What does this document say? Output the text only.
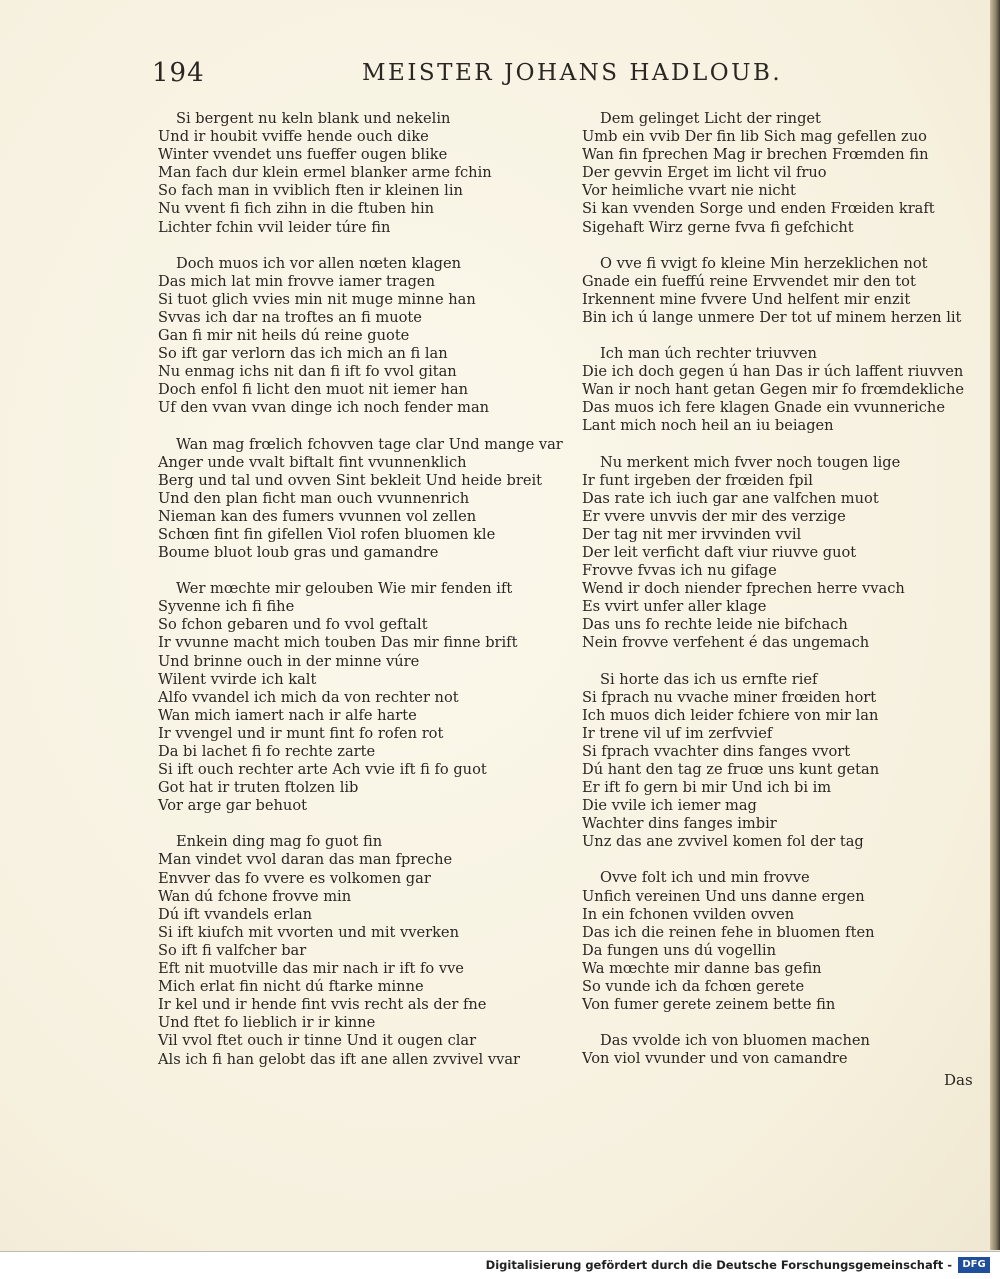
194	MEISTER JOHANS HADLOUB.
Si bergent nu keln blank und nekelin
Und ir houbit vviffe hende ouch dike
Winter vvendet uns fueffer ougen blike
Man fach dur klein ermel blanker arme fchin
So fach man in vviblich ften ir kleinen lin
Nu vvent fi fich zihn in die ftuben hin
Lichter fchin vvil leider túre fin
Doch muos ich vor allen nœten klagen
Das mich lat min frovve iamer tragen
Si tuot glich vvies min nit muge minne han
Svvas ich dar na troftes an fi muote
Gan fi mir nit heils dú reine guote
So ift gar verlorn das ich mich an fi lan
Nu enmag ichs nit dan fi ift fo vvol gitan
Doch enfol fi licht den muot nit iemer han
Uf den vvan vvan dinge ich noch fender man
Wan mag frœlich fchovven tage clar Und mange var
Anger unde vvalt biftalt fint vvunnenklich
Berg und tal und ovven Sint bekleit Und heide breit
Und den plan ficht man ouch vvunnenrich
Nieman kan des fumers vvunnen vol zellen
Schœn fint fin gifellen Viol rofen bluomen kle
Boume bluot loub gras und gamandre
Wer mœchte mir gelouben Wie mir fenden ift
Syvenne ich fi fihe
So fchon gebaren und fo vvol geftalt
Ir vvunne macht mich touben Das mir finne brift
Und brinne ouch in der minne vúre
Wilent vvirde ich kalt
Alfo vvandel ich mich da von rechter not
Wan mich iamert nach ir alfe harte
Ir vvengel und ir munt fint fo rofen rot
Da bi lachet fi fo rechte zarte
Si ift ouch rechter arte Ach vvie ift fi fo guot
Got hat ir truten ftolzen lib
Vor arge gar behuot
Enkein ding mag fo guot fin
Man vindet vvol daran das man fpreche
Envver das fo vvere es volkomen gar
Wan dú fchone frovve min
Dú ift vvandels erlan
Si ift kiufch mit vvorten und mit vverken
So ift fi valfcher bar
Eft nit muotville das mir nach ir ift fo vve
Mich erlat fin nicht dú ftarke minne
Ir kel und ir hende fint vvis recht als der fne
Und ftet fo lieblich ir ir kinne
Vil vvol ftet ouch ir tinne Und it ougen clar
Als ich fi han gelobt das ift ane allen zvvivel vvar
Dem gelinget Licht der ringet
Umb ein vvib Der fin lib Sich mag gefellen zuo
Wan fin fprechen Mag ir brechen Frœmden fin
Der gevvin Erget im licht vil fruo
Vor heimliche vvart nie nicht
Si kan vvenden Sorge und enden Frœiden kraft
Sigehaft Wirz gerne fvva fi gefchicht
O vve fi vvigt fo kleine Min herzeklichen not
Gnade ein fueffú reine Ervvendet mir den tot
Irkennent mine fvvere Und helfent mir enzit
Bin ich ú lange unmere Der tot uf minem herzen lit
Ich man úch rechter triuvven
Die ich doch gegen ú han Das ir úch laffent riuvven
Wan ir noch hant getan Gegen mir fo frœmdekliche
Das muos ich fere klagen Gnade ein vvunneriche
Lant mich noch heil an iu beiagen
Nu merkent mich fvver noch tougen lige
Ir funt irgeben der frœiden fpil
Das rate ich iuch gar ane valfchen muot
Er vvere unvvis der mir des verzige
Der tag nit mer irvvinden vvil
Der leit verficht daft viur riuvve guot
Frovve fvvas ich nu gifage
Wend ir doch niender fprechen herre vvach
Es vvirt unfer aller klage
Das uns fo rechte leide nie bifchach
Nein frovve verfehent é das ungemach
Si horte das ich us ernfte rief
Si fprach nu vvache miner frœiden hort
Ich muos dich leider fchiere von mir lan
Ir trene vil uf im zerfvvief
Si fprach vvachter dins fanges vvort
Dú hant den tag ze fruœ uns kunt getan
Er ift fo gern bi mir Und ich bi im
Die vvile ich iemer mag
Wachter dins fanges imbir
Unz das ane zvvivel komen fol der tag
Ovve folt ich und min frovve
Unfich vereinen Und uns danne ergen
In ein fchonen vvilden ovven
Das ich die reinen fehe in bluomen ften
Da fungen uns dú vogellin
Wa mœchte mir danne bas gefin
So vunde ich da fchœn gerete
Von fumer gerete zeinem bette fin
Das vvolde ich von bluomen machen
Von viol vvunder und von camandre
Das
Digitalisierung gefördert durch die Deutsche Forschungsgemeinschaft -	DFG
